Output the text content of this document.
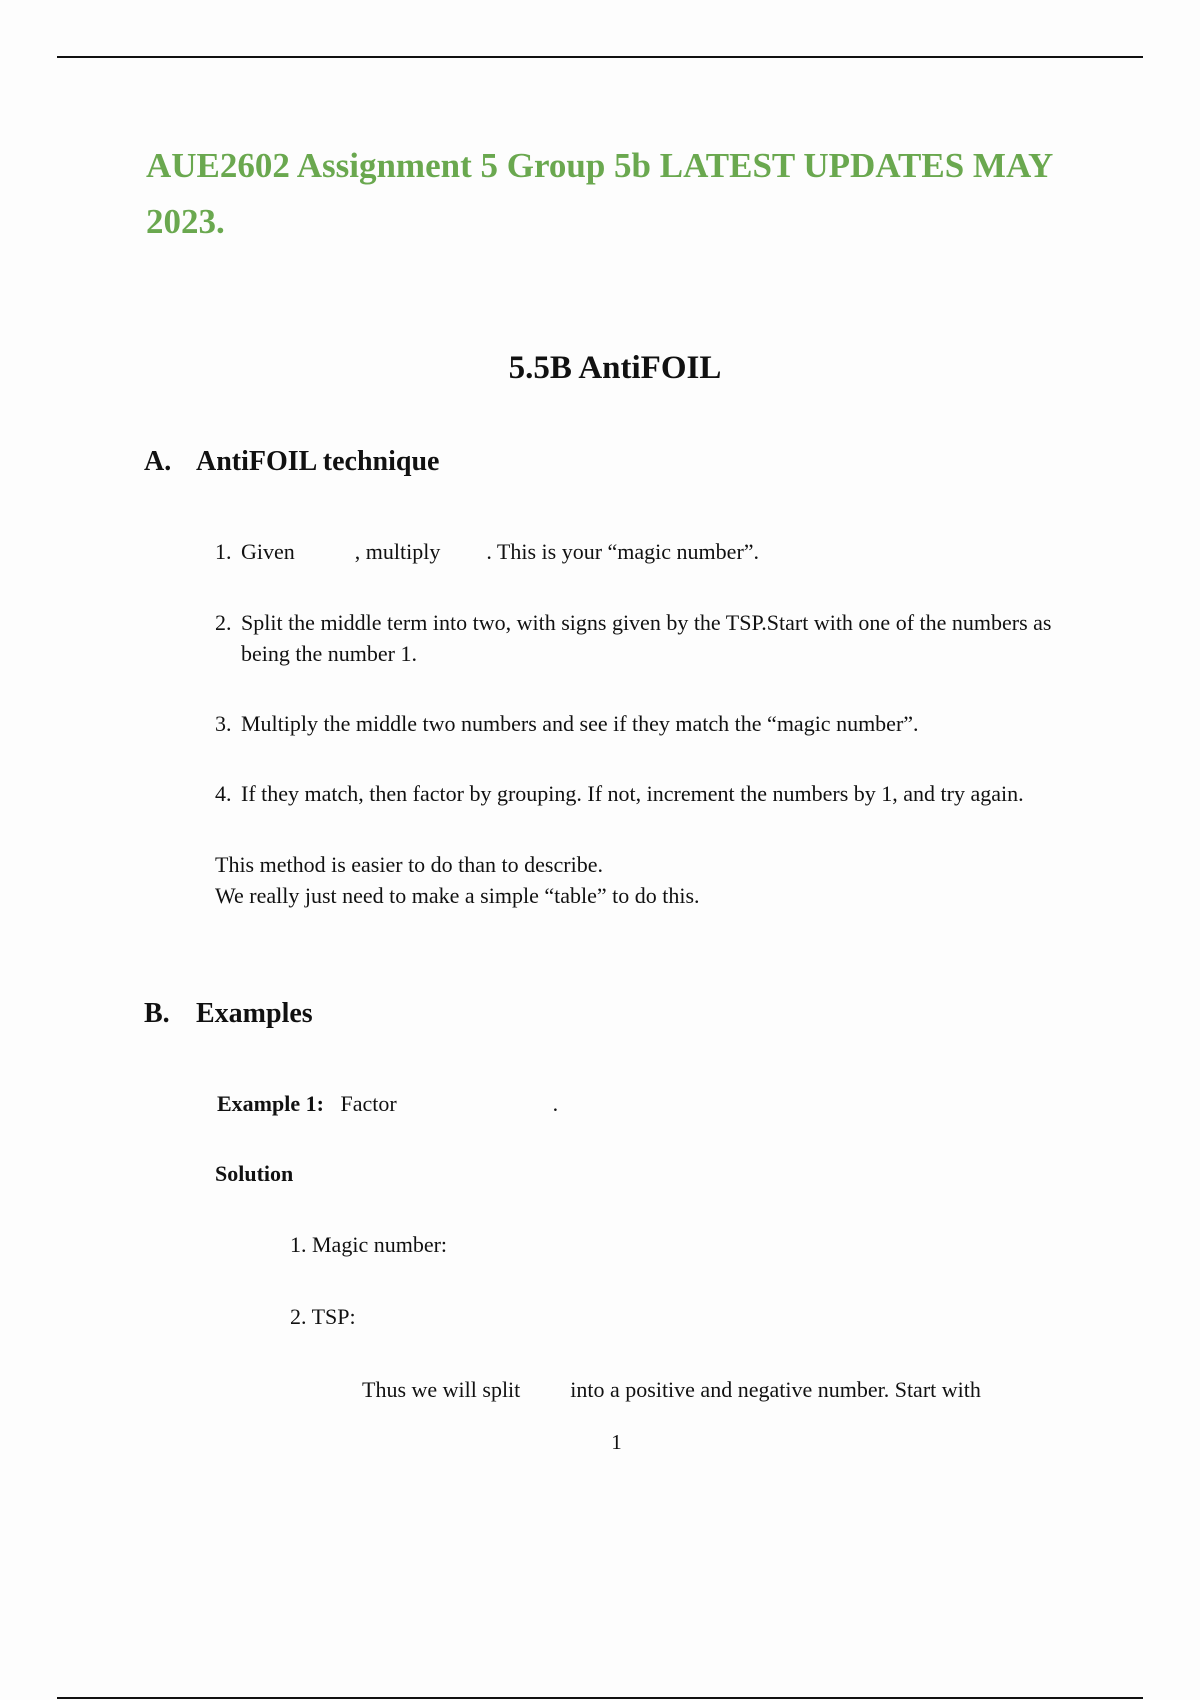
AUE2602 Assignment 5 Group 5b LATEST UPDATES MAY 2023.
5.5B AntiFOIL
A. AntiFOIL technique
1. Given	, multiply . This is your “magic number”.
2. Split the middle term into two, with signs given by the TSP.Start with one of the numbers as being the number 1.
3. Multiply the middle two numbers and see if they match the “magic number”.
4. If they match, then factor by grouping. If not, increment the numbers by 1, and try again.
This method is easier to do than to describe.
We really just need to make a simple “table” to do this.
B. Examples
Example 1: Factor	.
Solution
1. Magic number:
2. TSP:
Thus we will split into a positive and negative number. Start with
1
